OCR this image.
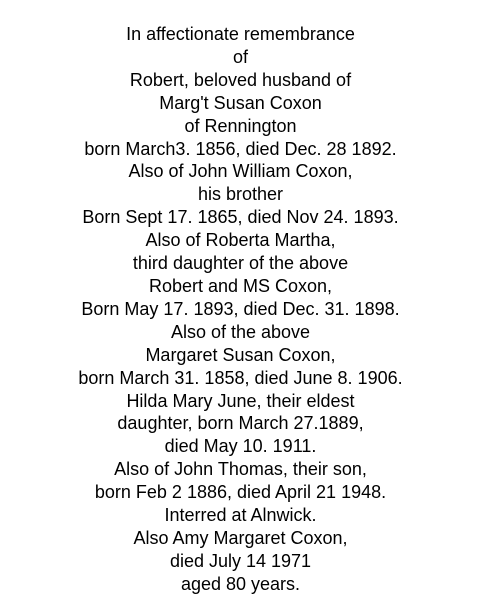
In affectionate remembrance
of
Robert, beloved husband of
Marg't Susan Coxon
of Rennington
born March3. 1856, died Dec. 28 1892.
Also of John William Coxon,
his brother
Born Sept 17. 1865, died Nov 24. 1893.
Also of Roberta Martha,
third daughter of the above
Robert and MS Coxon,
Born May 17. 1893, died Dec. 31. 1898.
Also of the above
Margaret Susan Coxon,
born March 31. 1858, died June 8. 1906.
Hilda Mary June, their eldest
daughter, born March 27.1889,
died May 10. 1911.
Also of John Thomas, their son,
born Feb 2 1886, died April 21 1948.
Interred at Alnwick.
Also Amy Margaret Coxon,
died July 14 1971
aged 80 years.
